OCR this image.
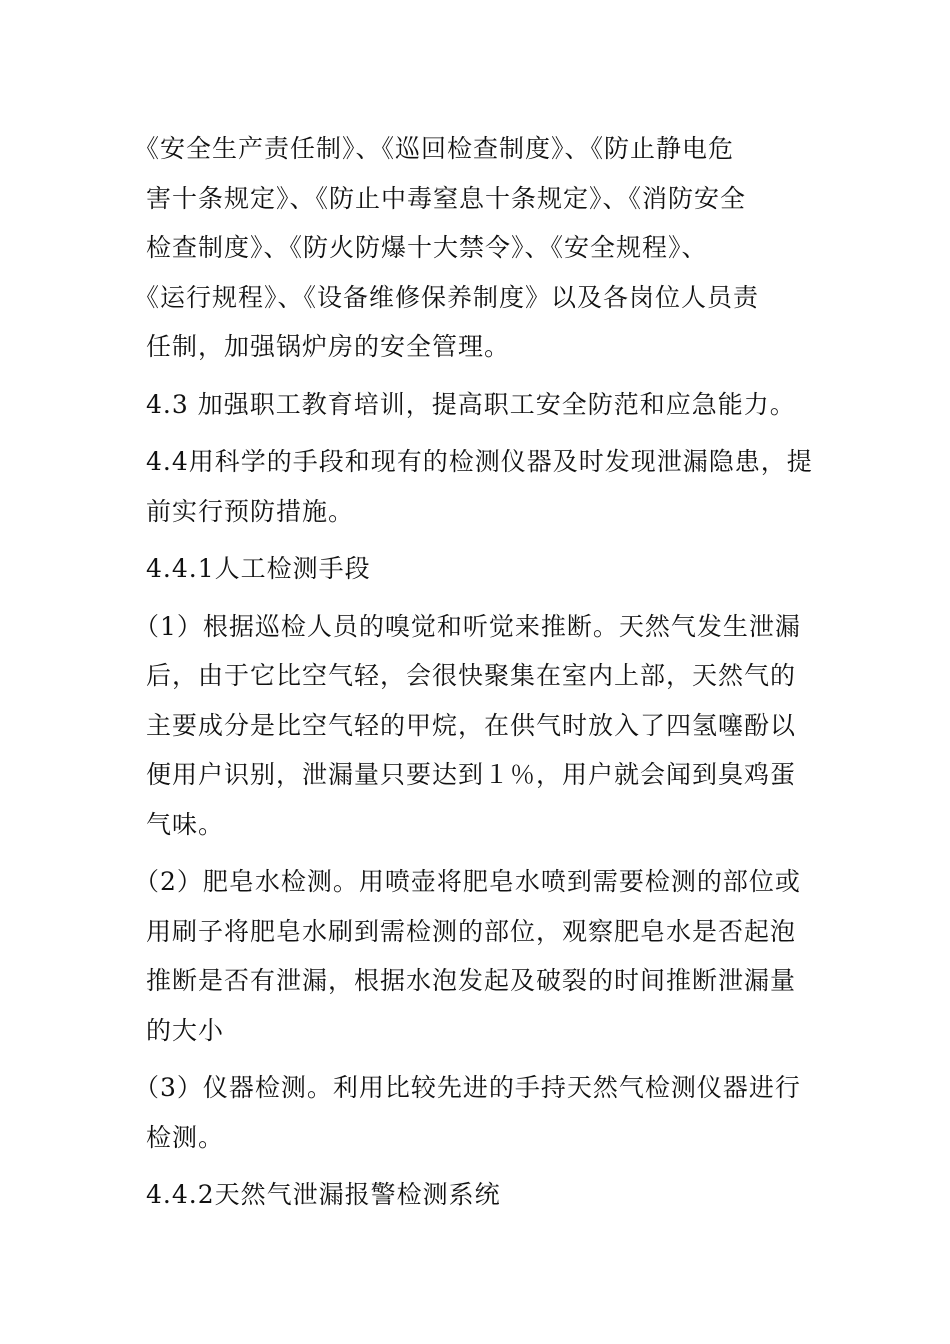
《安全生产责任制》、《巡回检查制度》、《防止静电危
害十条规定》、《防止中毒窒息十条规定》、《消防安全
检查制度》、《防火防爆十大禁令》、《安全规程》、
《运行规程》、《设备维修保养制度》以及各岗位人员责
任制，加强锅炉房的安全管理。

4.3 加强职工教育培训，提高职工安全防范和应急能力。

4.4用科学的手段和现有的检测仪器及时发现泄漏隐患，提
前实行预防措施。

4.4.1人工检测手段

（1）根据巡检人员的嗅觉和听觉来推断。天然气发生泄漏
后，由于它比空气轻，会很快聚集在室内上部，天然气的
主要成分是比空气轻的甲烷，在供气时放入了四氢噻酚以
便用户识别，泄漏量只要达到１％，用户就会闻到臭鸡蛋
气味。

（2）肥皂水检测。用喷壶将肥皂水喷到需要检测的部位或
用刷子将肥皂水刷到需检测的部位，观察肥皂水是否起泡
推断是否有泄漏，根据水泡发起及破裂的时间推断泄漏量
的大小

（3）仪器检测。利用比较先进的手持天然气检测仪器进行
检测。

4.4.2天然气泄漏报警检测系统
